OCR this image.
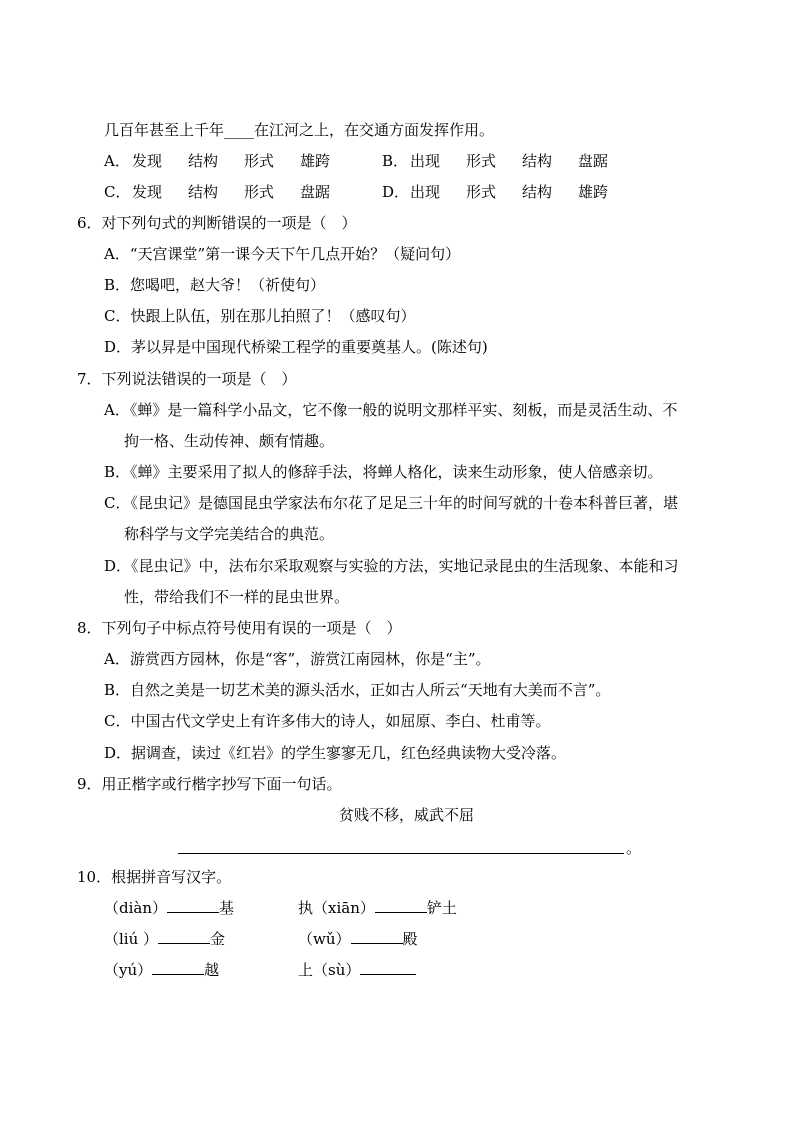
几百年甚至上千年____在江河之上，在交通方面发挥作用。
A． 发现 结构 形式 雄跨	B． 出现 形式 结构 盘踞
C． 发现 结构 形式 盘踞	D．出现 形式 结构 雄跨
6．对下列句式的判断错误的一项是（　）
A．“天宫课堂”第一课今天下午几点开始？（疑问句）
B．您喝吧，赵大爷！（祈使句）
C．快跟上队伍，别在那儿拍照了！（感叹句）
D．茅以昇是中国现代桥梁工程学的重要奠基人。(陈述句)
7．下列说法错误的一项是（　）
A．《蝉》是一篇科学小品文，它不像一般的说明文那样平实、刻板，而是灵活生动、不
拘一格、生动传神、颇有情趣。
B．《蝉》主要采用了拟人的修辞手法，将蝉人格化，读来生动形象，使人倍感亲切。
C．《昆虫记》是德国昆虫学家法布尔花了足足三十年的时间写就的十卷本科普巨著，堪
称科学与文学完美结合的典范。
D．《昆虫记》中，法布尔采取观察与实验的方法，实地记录昆虫的生活现象、本能和习
性，带给我们不一样的昆虫世界。
8．下列句子中标点符号使用有误的一项是（　）
A．游赏西方园林，你是“客”，游赏江南园林，你是“主”。
B．自然之美是一切艺术美的源头活水，正如古人所云“天地有大美而不言”。
C．中国古代文学史上有许多伟大的诗人，如屈原、李白、杜甫等。
D．据调查，读过《红岩》的学生寥寥无几，红色经典读物大受冷落。
9．用正楷字或行楷字抄写下面一句话。
贫贱不移，威武不屈
。
10．根据拼音写汉字。
（diàn）	基	执（xiān）	铲土
（liú ）	金	（wǔ）	殿
（yú）	越	上（sù）
